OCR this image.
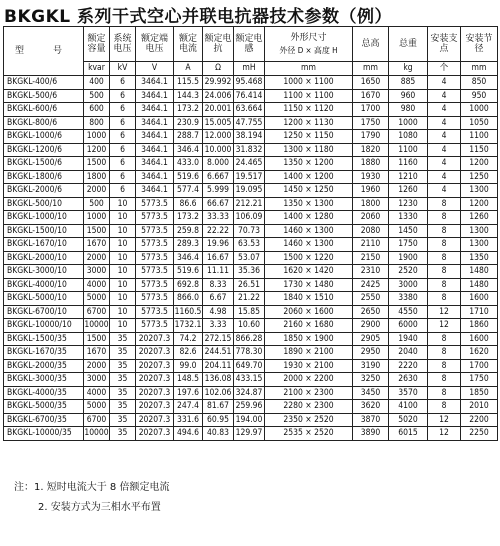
BKGKL 系列干式空心并联电抗器技术参数（例）
型　号	额定容量	系统电压	额定端电压	额定电流	额定电抗	额定电感	外形尺寸
外径 D × 高度 H	总高	总重	安装支点	安装节径
	kvar	kV	V	A	Ω	mH	mm	mm	kg	个	mm
BKGKL-400/6	400	6	3464.1	115.5	29.992	95.468	1000 × 1100	1650	885	4	850
BKGKL-500/6	500	6	3464.1	144.3	24.006	76.414	1100 × 1100	1670	960	4	950
BKGKL-600/6	600	6	3464.1	173.2	20.001	63.664	1150 × 1120	1700	980	4	1000
BKGKL-800/6	800	6	3464.1	230.9	15.005	47.755	1200 × 1130	1750	1000	4	1050
BKGKL-1000/6	1000	6	3464.1	288.7	12.000	38.194	1250 × 1150	1790	1080	4	1100
BKGKL-1200/6	1200	6	3464.1	346.4	10.000	31.832	1300 × 1180	1820	1100	4	1150
BKGKL-1500/6	1500	6	3464.1	433.0	8.000	24.465	1350 × 1200	1880	1160	4	1200
BKGKL-1800/6	1800	6	3464.1	519.6	6.667	19.517	1400 × 1200	1930	1210	4	1250
BKGKL-2000/6	2000	6	3464.1	577.4	5.999	19.095	1450 × 1250	1960	1260	4	1300
BKGKL-500/10	500	10	5773.5	86.6	66.67	212.21	1350 × 1300	1800	1230	8	1200
BKGKL-1000/10	1000	10	5773.5	173.2	33.33	106.09	1400 × 1280	2060	1330	8	1260
BKGKL-1500/10	1500	10	5773.5	259.8	22.22	70.73	1460 × 1300	2080	1450	8	1300
BKGKL-1670/10	1670	10	5773.5	289.3	19.96	63.53	1460 × 1300	2110	1750	8	1300
BKGKL-2000/10	2000	10	5773.5	346.4	16.67	53.07	1500 × 1220	2150	1900	8	1350
BKGKL-3000/10	3000	10	5773.5	519.6	11.11	35.36	1620 × 1420	2310	2520	8	1480
BKGKL-4000/10	4000	10	5773.5	692.8	8.33	26.51	1730 × 1480	2425	3000	8	1480
BKGKL-5000/10	5000	10	5773.5	866.0	6.67	21.22	1840 × 1510	2550	3380	8	1600
BKGKL-6700/10	6700	10	5773.5	1160.5	4.98	15.85	2060 × 1600	2650	4550	12	1710
BKGKL-10000/10	10000	10	5773.5	1732.1	3.33	10.60	2160 × 1680	2900	6000	12	1860
BKGKL-1500/35	1500	35	20207.3	74.2	272.15	866.28	1850 × 1900	2905	1940	8	1600
BKGKL-1670/35	1670	35	20207.3	82.6	244.51	778.30	1890 × 2100	2950	2040	8	1620
BKGKL-2000/35	2000	35	20207.3	99.0	204.11	649.70	1930 × 2100	3190	2220	8	1700
BKGKL-3000/35	3000	35	20207.3	148.5	136.08	433.15	2000 × 2200	3250	2630	8	1750
BKGKL-4000/35	4000	35	20207.3	197.6	102.06	324.87	2100 × 2300	3450	3570	8	1850
BKGKL-5000/35	5000	35	20207.3	247.4	81.67	259.96	2280 × 2300	3620	4100	8	2010
BKGKL-6700/35	6700	35	20207.3	331.6	60.95	194.00	2350 × 2520	3870	5020	12	2200
BKGKL-10000/35	10000	35	20207.3	494.6	40.83	129.97	2535 × 2520	3890	6015	12	2250
注：1. 短时电流大于 8 倍额定电流
2. 安装方式为三相水平布置
